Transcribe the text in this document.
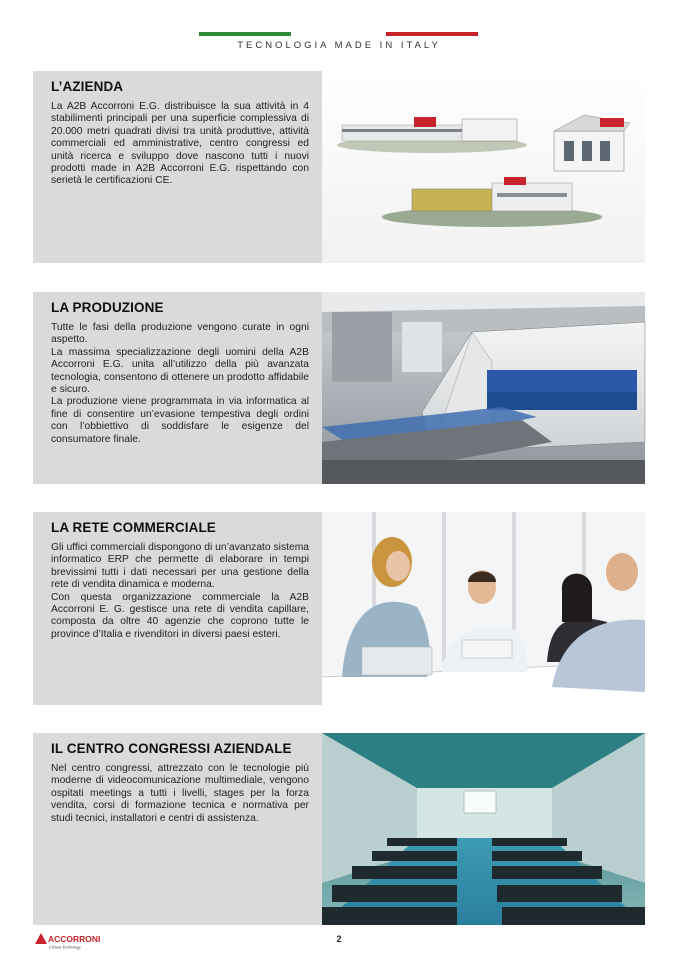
TECNOLOGIA MADE IN ITALY
L’AZIENDA

La A2B Accorroni E.G. distribuisce la sua attività in 4 stabilimenti principali per una superficie complessiva di 20.000 metri quadrati divisi tra unità produttive, attività commerciali ed amministrative, centro congressi ed unità ricerca e sviluppo dove nascono tutti i nuovi prodotti made in A2B Accorroni E.G. rispettando con serietà le certificazioni CE.

LA PRODUZIONE

Tutte le fasi della produzione vengono curate in ogni aspetto.
La massima specializzazione degli uomini della A2B Accorroni E.G. unita all’utilizzo della più avanzata tecnologia, consentono di ottenere un prodotto affidabile e sicuro.
La produzione viene programmata in via informatica al fine di consentire un’evasione tempestiva degli ordini con l’obbiettivo di soddisfare le esigenze del consumatore finale.

TRUMATIC 6000 L
LA RETE COMMERCIALE

Gli uffici commerciali dispongono di un’avanzato sistema informatico ERP che permette di elaborare in tempi brevissimi tutti i dati necessari per una gestione della rete di vendita dinamica e moderna.
Con questa organizzazione commerciale la A2B Accorroni E. G. gestisce una rete di vendita capillare, composta da oltre 40 agenzie che coprono tutte le province d’Italia e rivenditori in diversi paesi esteri.

IL CENTRO CONGRESSI AZIENDALE

Nel centro congressi, attrezzato con le tecnologie più moderne di videocomunicazione multimediale, vengono ospitati meetings a tutti i livelli, stages per la forza vendita, corsi di formazione tecnica e normativa per studi tecnici, installatori e centri di assistenza.

ACCORRONI
Climate Technology
2
